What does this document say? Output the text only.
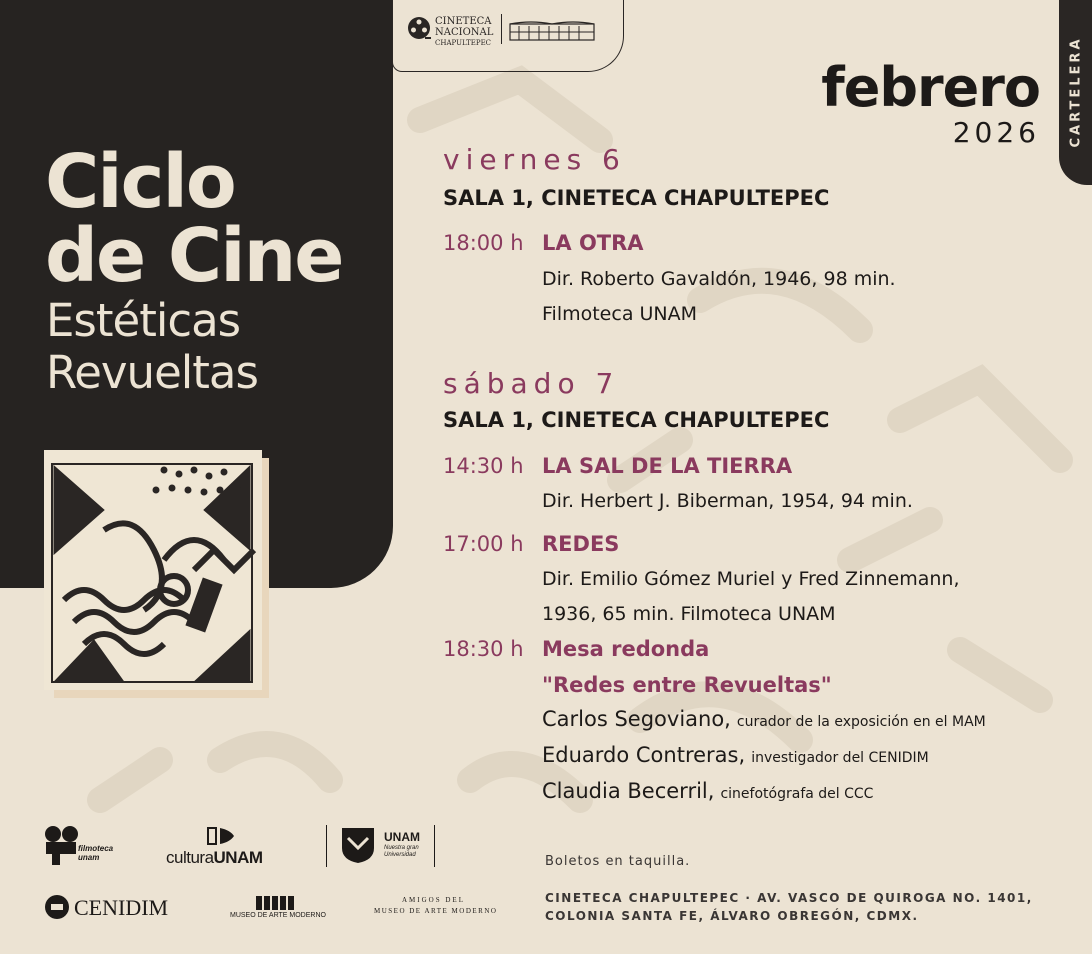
Ciclo
de Cine
Estéticas
Revueltas
CINETECA
NACIONAL
CHAPULTEPEC
febrero
2026 CARTELERA
viernes 6
SALA 1, CINETECA CHAPULTEPEC
18:00 h LA OTRA
Dir. Roberto Gavaldón, 1946, 98 min.
Filmoteca UNAM
sábado 7
SALA 1, CINETECA CHAPULTEPEC
14:30 h LA SAL DE LA TIERRA
Dir. Herbert J. Biberman, 1954, 94 min.
17:00 h REDES
Dir. Emilio Gómez Muriel y Fred Zinnemann,
1936, 65 min. Filmoteca UNAM
18:30 h Mesa redonda
"Redes entre Revueltas"
Carlos Segoviano, curador de la exposición en el MAM
Eduardo Contreras, investigador del CENIDIM
Claudia Becerril, cinefotógrafa del CCC
Boletos en taquilla.
CINETECA CHAPULTEPEC · AV. VASCO DE QUIROGA NO. 1401,
COLONIA SANTA FE, ÁLVARO OBREGÓN, CDMX.
filmoteca unam	culturaUNAM
UNAM
Nuestra gran Universidad
CENIDIM	MUSEO DE ARTE MODERNO
AMIGOS DEL
MUSEO DE ARTE MODERNO
